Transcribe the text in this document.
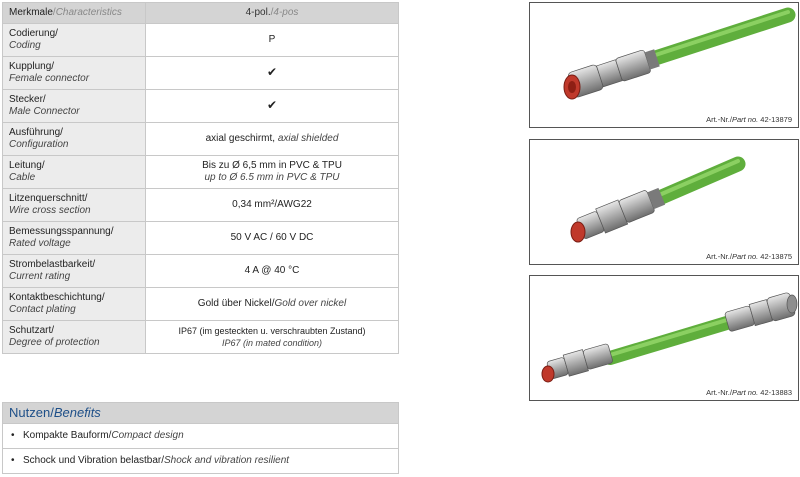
Merkmale/Characteristics	4-pol./4-pos
Codierung/
Coding	P
Kupplung/
Female connector	✔
Stecker/
Male Connector	✔
Ausführung/
Configuration	axial geschirmt, axial shielded
Leitung/
Cable	Bis zu Ø 6,5 mm in PVC & TPU
up to Ø 6.5 mm in PVC & TPU
Litzenquerschnitt/
Wire cross section	0,34 mm²/AWG22
Bemessungsspannung/
Rated voltage	50 V AC / 60 V DC
Strombelastbarkeit/
Current rating	4 A @ 40 °C
Kontaktbeschichtung/
Contact plating	Gold über Nickel/Gold over nickel
Schutzart/
Degree of protection	IP67 (im gesteckten u. verschraubten Zustand)
IP67 (in mated condition)
Nutzen/Benefits
• Kompakte Bauform/Compact design
• Schock und Vibration belastbar/Shock and vibration resilient
Art.-Nr./Part no. 42-13879
Art.-Nr./Part no. 42-13875
Art.-Nr./Part no. 42-13883
